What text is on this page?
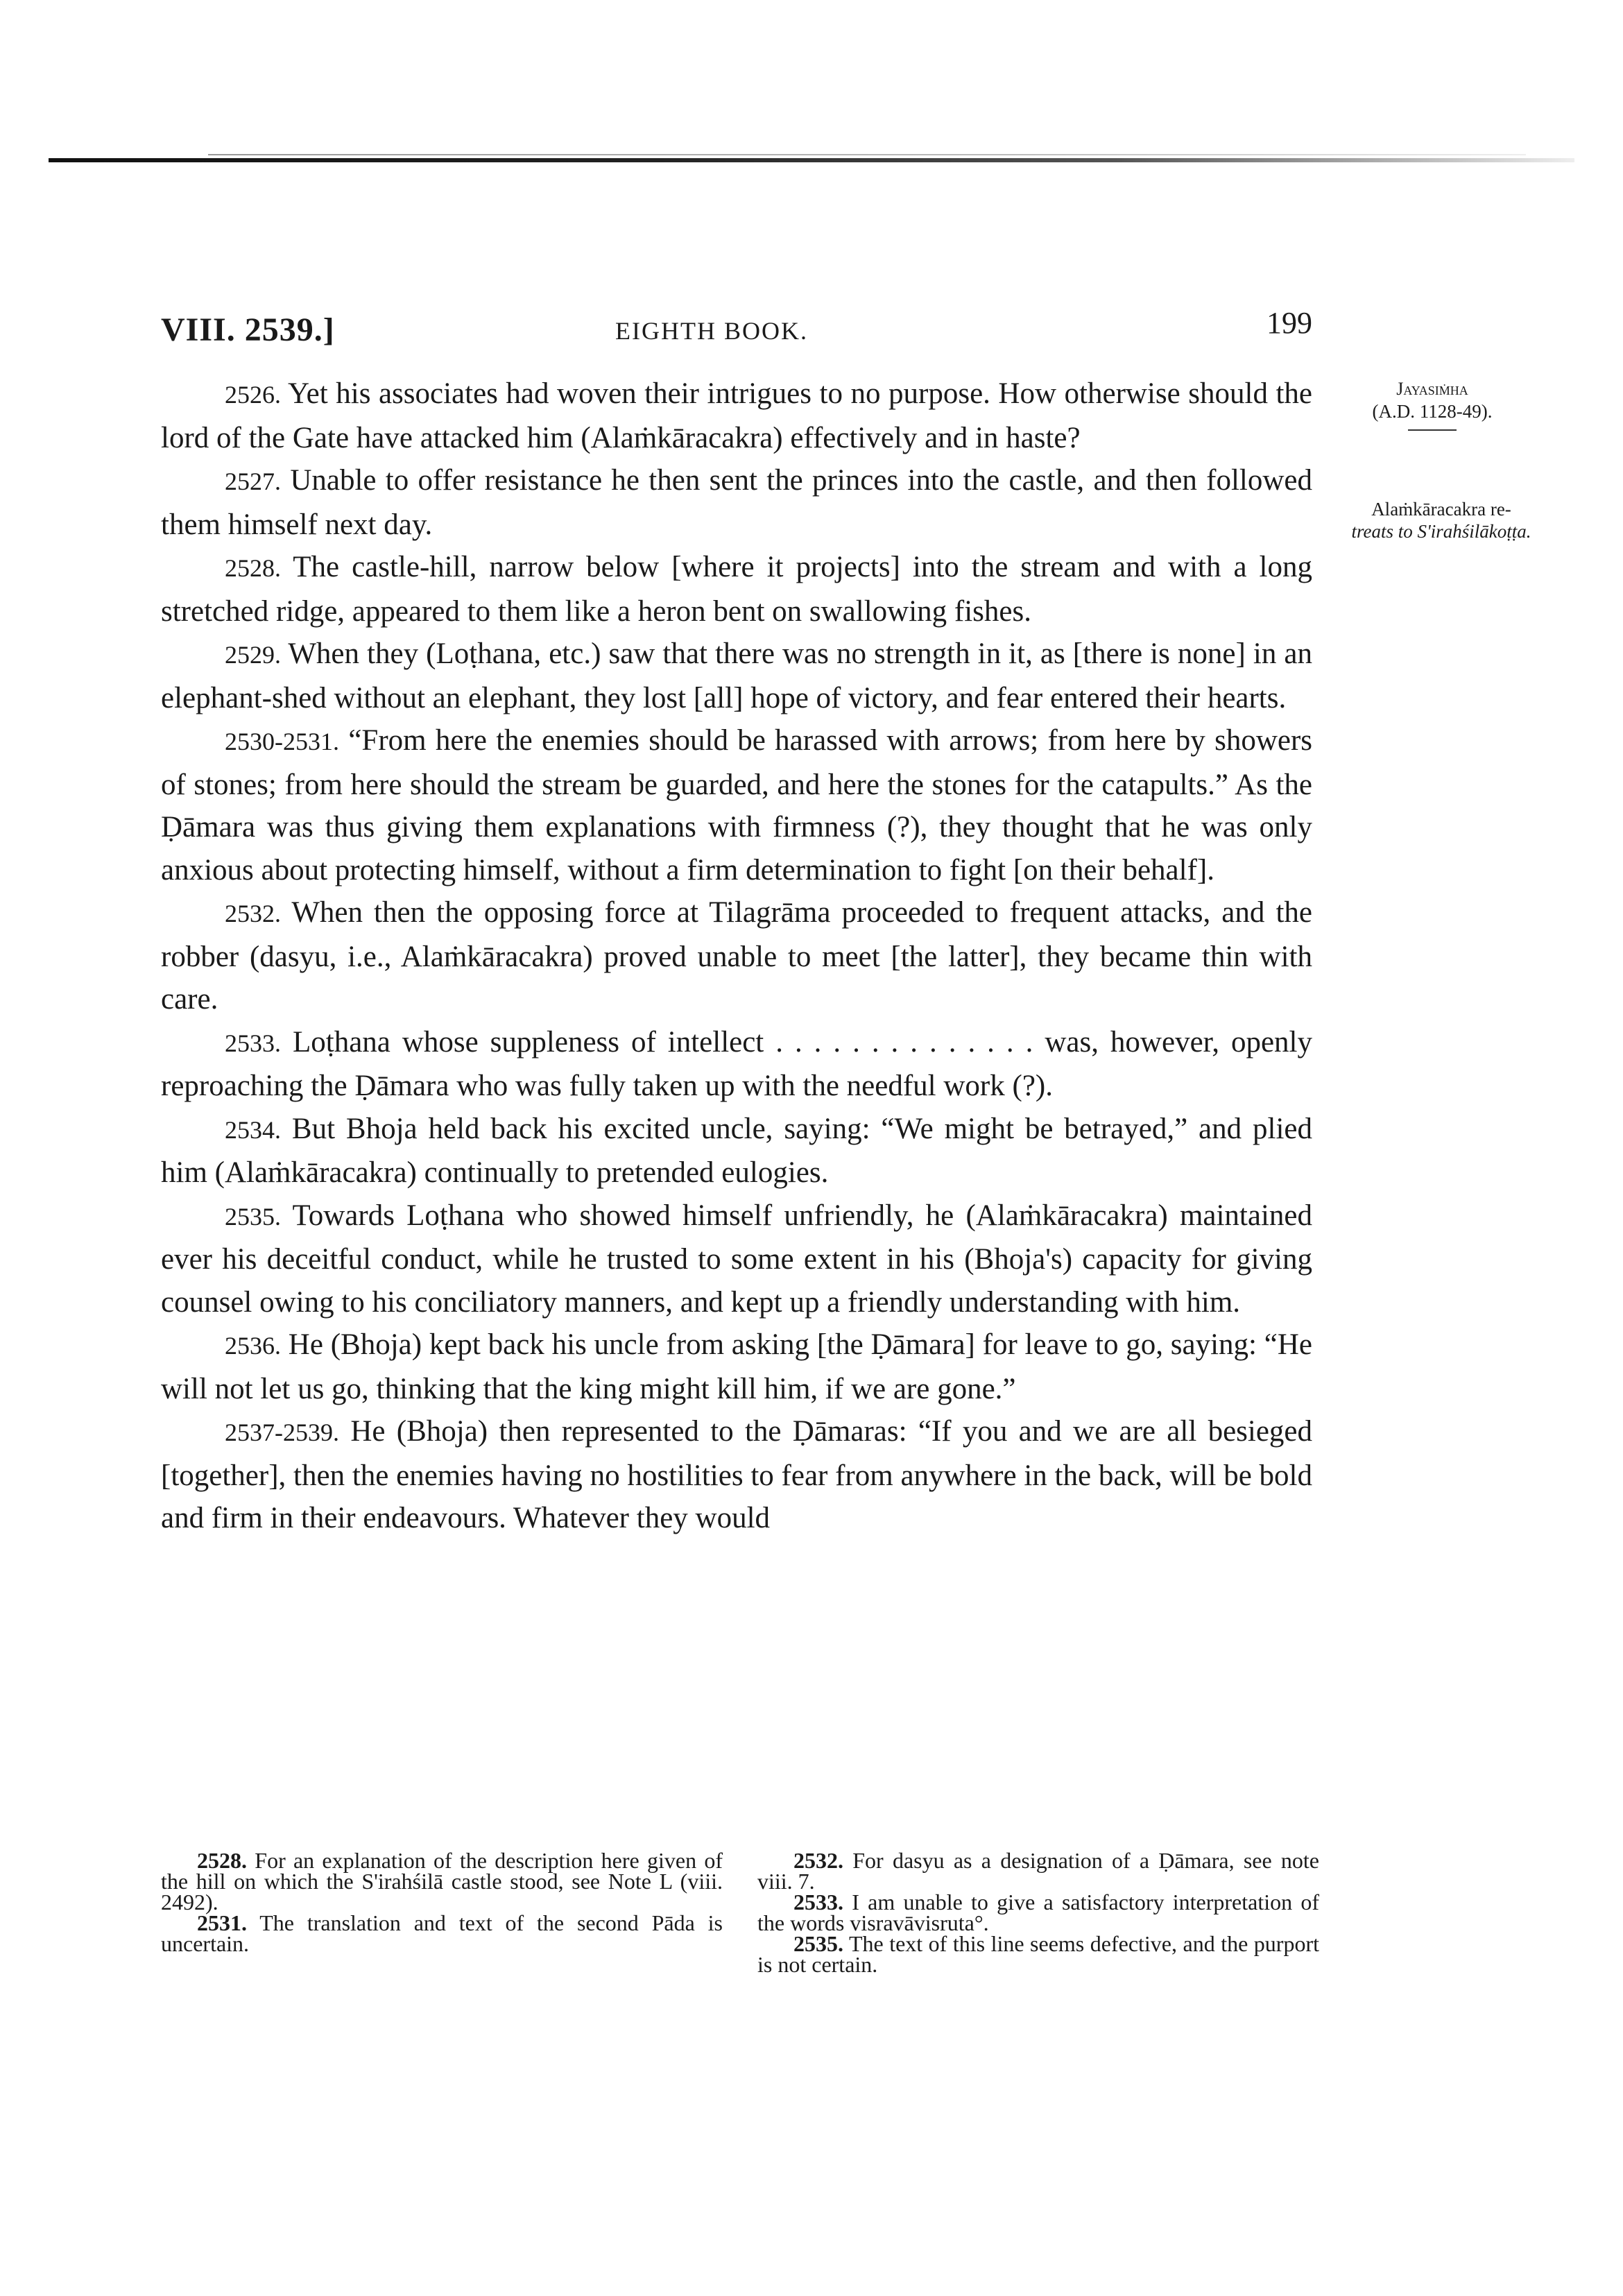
VIII. 2539.]	EIGHTH BOOK.	199
Jayasiṁha
(A.D. 1128-49).
Alaṁkāracakra re-
treats to S'irahśilākoṭṭa.

2526. Yet his associates had woven their intrigues to no purpose. How otherwise should the lord of the Gate have attacked him (Alaṁkāracakra) effectively and in haste?

2527. Unable to offer resistance he then sent the princes into the castle, and then followed them himself next day.

2528. The castle-hill, narrow below [where it projects] into the stream and with a long stretched ridge, appeared to them like a heron bent on swallowing fishes.

2529. When they (Loṭhana, etc.) saw that there was no strength in it, as [there is none] in an elephant-shed without an elephant, they lost [all] hope of victory, and fear entered their hearts.

2530-2531. “From here the enemies should be harassed with arrows; from here by showers of stones; from here should the stream be guarded, and here the stones for the catapults.” As the Ḍāmara was thus giving them explanations with firmness (?), they thought that he was only anxious about protecting himself, without a firm determination to fight [on their behalf].

2532. When then the opposing force at Tilagrāma proceeded to frequent attacks, and the robber (dasyu, i.e., Alaṁkāracakra) proved unable to meet [the latter], they became thin with care.

2533. Loṭhana whose suppleness of intellect . . . . . . . . . . . . . . was, however, openly reproaching the Ḍāmara who was fully taken up with the needful work (?).

2534. But Bhoja held back his excited uncle, saying: “We might be betrayed,” and plied him (Alaṁkāracakra) continually to pretended eulogies.

2535. Towards Loṭhana who showed himself unfriendly, he (Alaṁkāracakra) maintained ever his deceitful conduct, while he trusted to some extent in his (Bhoja's) capacity for giving counsel owing to his conciliatory manners, and kept up a friendly understanding with him.

2536. He (Bhoja) kept back his uncle from asking [the Ḍāmara] for leave to go, saying: “He will not let us go, thinking that the king might kill him, if we are gone.”

2537-2539. He (Bhoja) then represented to the Ḍāmaras: “If you and we are all besieged [together], then the enemies having no hostilities to fear from anywhere in the back, will be bold and firm in their endeavours. Whatever they would

2528. For an explanation of the description here given of the hill on which the S'irahśilā castle stood, see Note L (viii. 2492).

2531. The translation and text of the second Pāda is uncertain.

2532. For dasyu as a designation of a Ḍāmara, see note viii. 7.

2533. I am unable to give a satisfactory interpretation of the words visravāvisruta°.

2535. The text of this line seems defective, and the purport is not certain.
